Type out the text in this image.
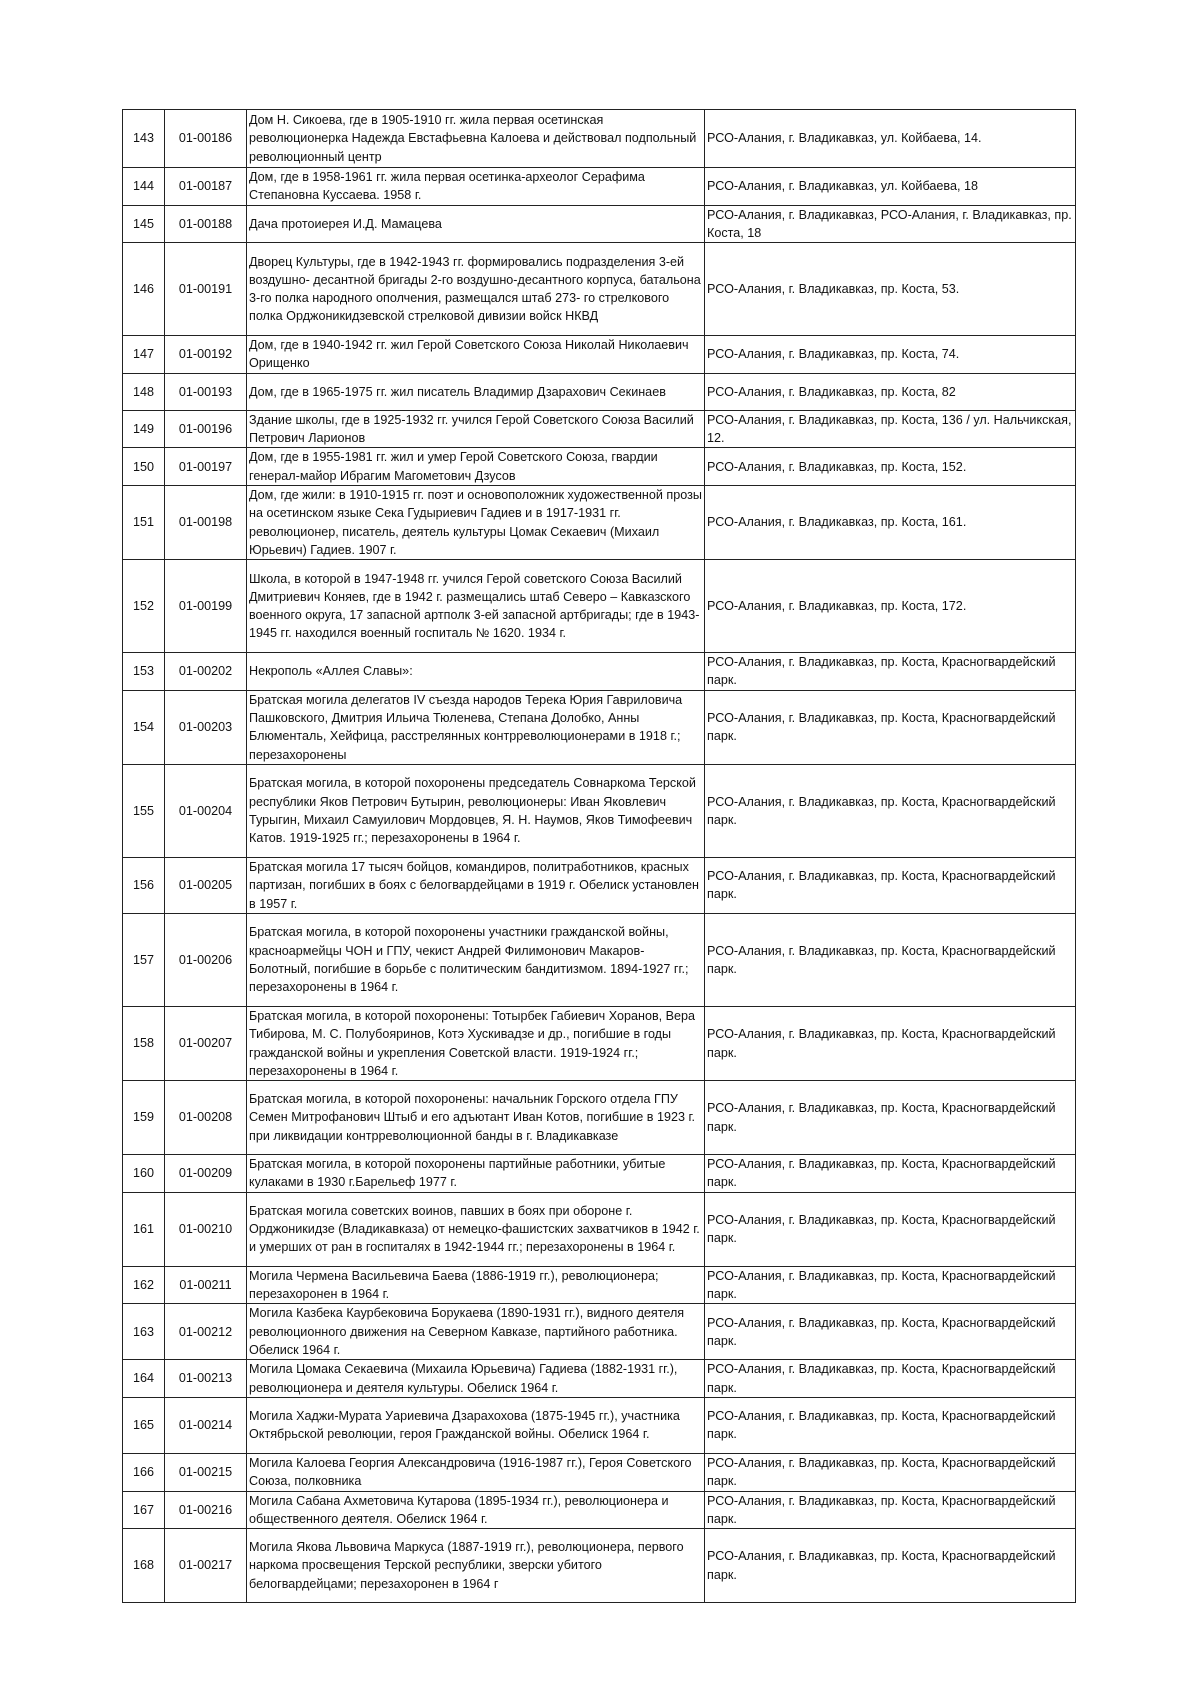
143	01-00186	Дом Н. Сикоева, где в 1905-1910 гг. жила первая осетинская революционерка Надежда Евстафьевна Калоева и действовал подпольный революционный центр	РСО-Алания, г. Владикавказ, ул. Койбаева, 14.
144	01-00187	Дом, где в 1958-1961 гг. жила первая осетинка-археолог Серафима Степановна Куссаева. 1958 г.	РСО-Алания, г. Владикавказ, ул. Койбаева, 18
145	01-00188	Дача протоиерея И.Д. Мамацева	РСО-Алания, г. Владикавказ, РСО-Алания, г. Владикавказ, пр. Коста, 18
146	01-00191	Дворец Культуры, где в 1942-1943 гг. формировались подразделения 3-ей воздушно- десантной бригады 2-го воздушно-десантного корпуса, батальона 3-го полка народного ополчения, размещался штаб 273- го стрелкового полка Орджоникидзевской стрелковой дивизии войск НКВД	РСО-Алания, г. Владикавказ, пр. Коста, 53.
147	01-00192	Дом, где в 1940-1942 гг. жил Герой Советского Союза Николай Николаевич Орищенко	РСО-Алания, г. Владикавказ, пр. Коста, 74.
148	01-00193	Дом, где в 1965-1975 гг. жил писатель Владимир Дзарахович Секинаев	РСО-Алания, г. Владикавказ, пр. Коста, 82
149	01-00196	Здание школы, где в 1925-1932 гг. учился Герой Советского Союза Василий Петрович Ларионов	РСО-Алания, г. Владикавказ, пр. Коста, 136 / ул. Нальчикская, 12.
150	01-00197	Дом, где в 1955-1981 гг. жил и умер Герой Советского Союза, гвардии генерал-майор Ибрагим Магометович Дзусов	РСО-Алания, г. Владикавказ, пр. Коста, 152.
151	01-00198	Дом, где жили: в 1910-1915 гг. поэт и основоположник художественной прозы на осетинском языке Сека Гудыриевич Гадиев и в 1917-1931 гг. революционер, писатель, деятель культуры Цомак Секаевич (Михаил Юрьевич) Гадиев. 1907 г.	РСО-Алания, г. Владикавказ, пр. Коста, 161.
152	01-00199	Школа, в которой в 1947-1948 гг. учился Герой советского Союза Василий Дмитриевич Коняев, где в 1942 г. размещались штаб Северо – Кавказского военного округа, 17 запасной артполк 3-ей запасной артбригады; где в 1943-1945 гг. находился военный госпиталь № 1620. 1934 г.	РСО-Алания, г. Владикавказ, пр. Коста, 172.
153	01-00202	Некрополь «Аллея Славы»:	РСО-Алания, г. Владикавказ, пр. Коста, Красногвардейский парк.
154	01-00203	Братская могила делегатов IV съезда народов Терека Юрия Гавриловича Пашковского, Дмитрия Ильича Тюленева, Степана Долобко, Анны Блюменталь, Хейфица, расстрелянных контрреволюционерами в 1918 г.; перезахоронены	РСО-Алания, г. Владикавказ, пр. Коста, Красногвардейский парк.
155	01-00204	Братская могила, в которой похоронены председатель Совнаркома Терской республики Яков Петрович Бутырин, революционеры: Иван Яковлевич Турыгин, Михаил Самуилович Мордовцев, Я. Н. Наумов, Яков Тимофеевич Катов. 1919-1925 гг.; перезахоронены в 1964 г.	РСО-Алания, г. Владикавказ, пр. Коста, Красногвардейский парк.
156	01-00205	Братская могила 17 тысяч бойцов, командиров, политработников, красных партизан, погибших в боях с белогвардейцами в 1919 г. Обелиск установлен в 1957 г.	РСО-Алания, г. Владикавказ, пр. Коста, Красногвардейский парк.
157	01-00206	Братская могила, в которой похоронены участники гражданской войны, красноармейцы ЧОН и ГПУ, чекист Андрей Филимонович Макаров-Болотный, погибшие в борьбе с политическим бандитизмом. 1894-1927 гг.; перезахоронены в 1964 г.	РСО-Алания, г. Владикавказ, пр. Коста, Красногвардейский парк.
158	01-00207	Братская могила, в которой похоронены: Тотырбек Габиевич Хоранов, Вера Тибирова, М. С. Полубояринов, Котэ Хускивадзе и др., погибшие в годы гражданской войны и укрепления Советской власти. 1919-1924 гг.; перезахоронены в 1964 г.	РСО-Алания, г. Владикавказ, пр. Коста, Красногвардейский парк.
159	01-00208	Братская могила, в которой похоронены: начальник Горского отдела ГПУ Семен Митрофанович Штыб и его адъютант Иван Котов, погибшие в 1923 г. при ликвидации контрреволюционной банды в г. Владикавказе	РСО-Алания, г. Владикавказ, пр. Коста, Красногвардейский парк.
160	01-00209	Братская могила, в которой похоронены партийные работники, убитые кулаками в 1930 г.Барельеф 1977 г.	РСО-Алания, г. Владикавказ, пр. Коста, Красногвардейский парк.
161	01-00210	Братская могила советских воинов, павших в боях при обороне г. Орджоникидзе (Владикавказа) от немецко-фашистских захватчиков в 1942 г. и умерших от ран в госпиталях в 1942-1944 гг.; перезахоронены в 1964 г.	РСО-Алания, г. Владикавказ, пр. Коста, Красногвардейский парк.
162	01-00211	Могила Чермена Васильевича Баева (1886-1919 гг.), революционера; перезахоронен в 1964 г.	РСО-Алания, г. Владикавказ, пр. Коста, Красногвардейский парк.
163	01-00212	Могила Казбека Каурбековича Борукаева (1890-1931 гг.), видного деятеля революционного движения на Северном Кавказе, партийного работника. Обелиск 1964 г.	РСО-Алания, г. Владикавказ, пр. Коста, Красногвардейский парк.
164	01-00213	Могила Цомака Секаевича (Михаила Юрьевича) Гадиева (1882-1931 гг.), революционера и деятеля культуры. Обелиск 1964 г.	РСО-Алания, г. Владикавказ, пр. Коста, Красногвардейский парк.
165	01-00214	Могила Хаджи-Мурата Уариевича Дзарахохова (1875-1945 гг.), участника Октябрьской революции, героя Гражданской войны. Обелиск 1964 г.	РСО-Алания, г. Владикавказ, пр. Коста, Красногвардейский парк.
166	01-00215	Могила Калоева Георгия Александровича (1916-1987 гг.), Героя Советского Союза, полковника	РСО-Алания, г. Владикавказ, пр. Коста, Красногвардейский парк.
167	01-00216	Могила Сабана Ахметовича Кутарова (1895-1934 гг.), революционера и общественного деятеля. Обелиск 1964 г.	РСО-Алания, г. Владикавказ, пр. Коста, Красногвардейский парк.
168	01-00217	Могила Якова Львовича Маркуса (1887-1919 гг.), революционера, первого наркома просвещения Терской республики, зверски убитого белогвардейцами; перезахоронен в 1964 г	РСО-Алания, г. Владикавказ, пр. Коста, Красногвардейский парк.
